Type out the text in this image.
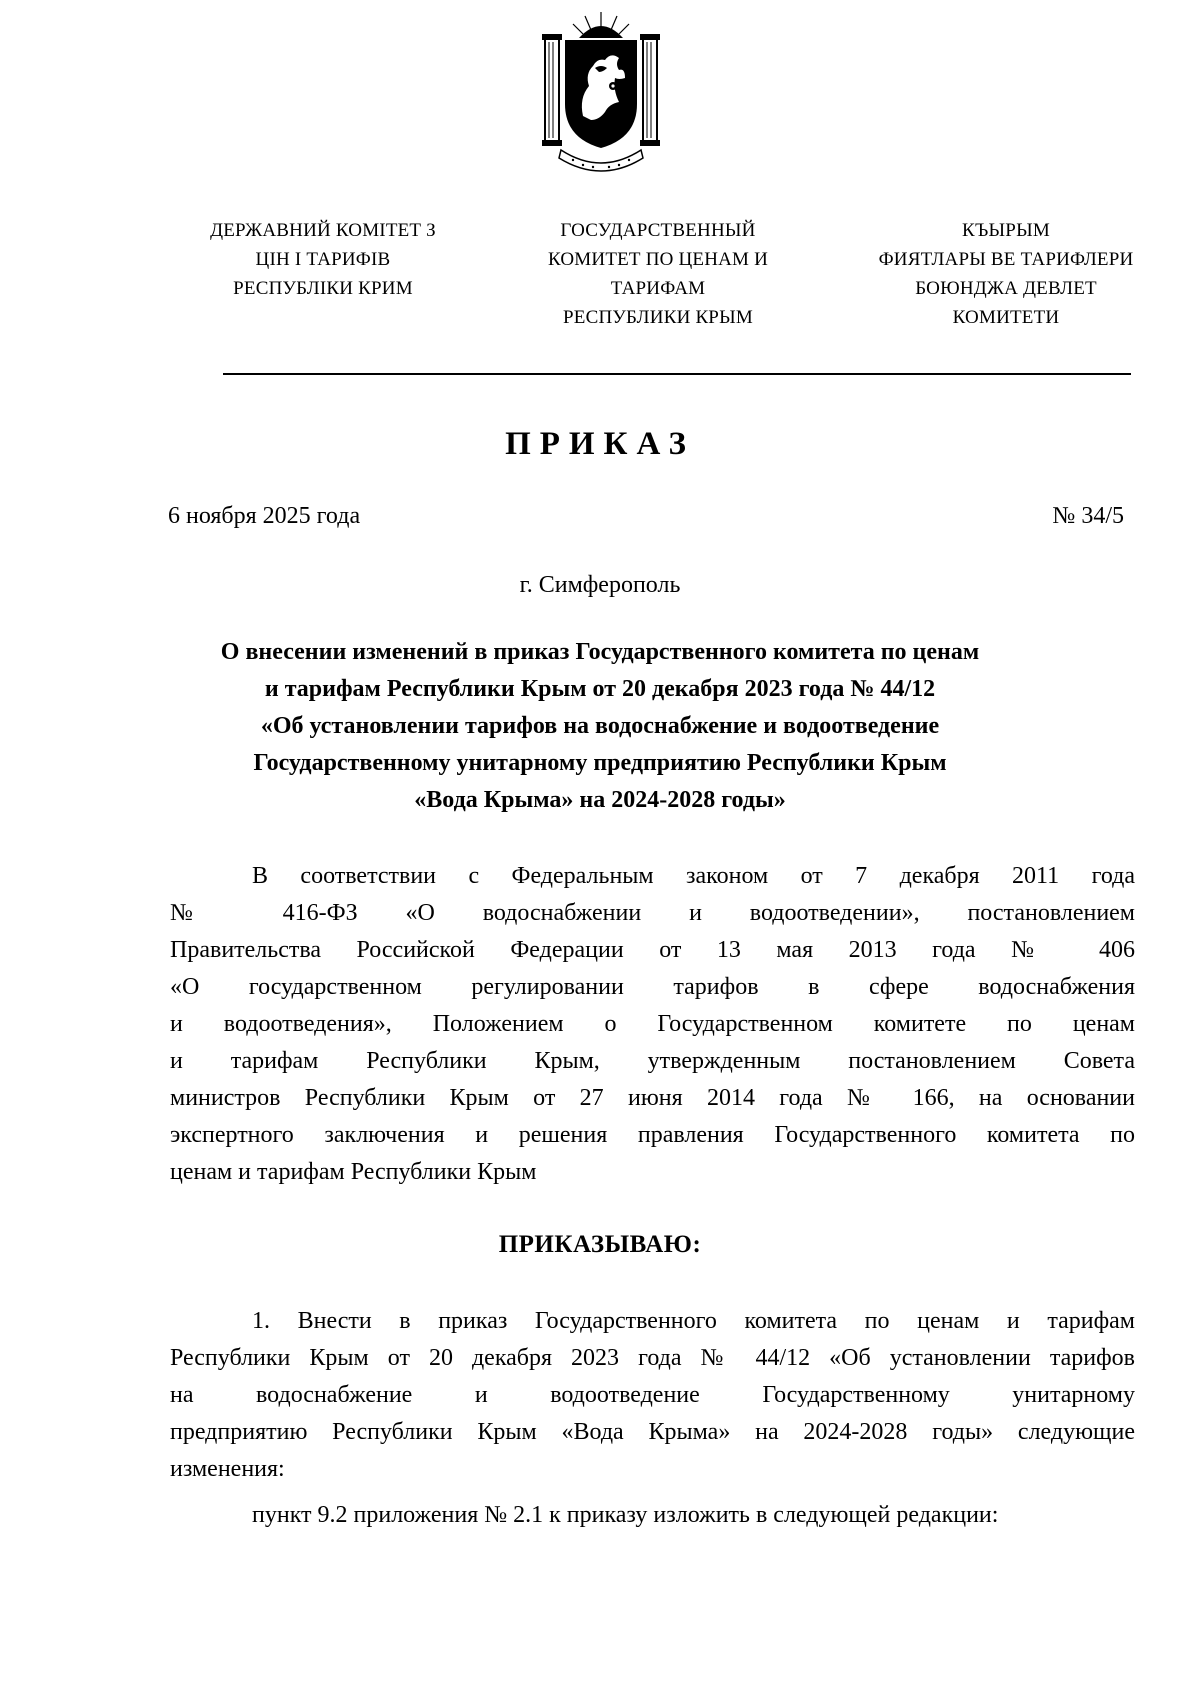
ДЕРЖАВНИЙ КОМІТЕТ З
ЦІН І ТАРИФІВ
РЕСПУБЛІКИ КРИМ
ГОСУДАРСТВЕННЫЙ
КОМИТЕТ ПО ЦЕНАМ И
ТАРИФАМ
РЕСПУБЛИКИ КРЫМ
КЪЫРЫМ
ФИЯТЛАРЫ ВЕ ТАРИФЛЕРИ
БОЮНДЖА ДЕВЛЕТ
КОМИТЕТИ
ПРИКАЗ
6 ноября 2025 года	№ 34/5
г. Симферополь
О внесении изменений в приказ Государственного комитета по ценам
и тарифам Республики Крым от 20 декабря 2023 года № 44/12
«Об установлении тарифов на водоснабжение и водоотведение
Государственному унитарному предприятию Республики Крым
«Вода Крыма» на 2024-2028 годы»
В соответствии с Федеральным законом от 7 декабря 2011 года
№ 416-ФЗ «О водоснабжении и водоотведении», постановлением
Правительства Российской Федерации от 13 мая 2013 года № 406
«О государственном регулировании тарифов в сфере водоснабжения
и водоотведения», Положением о Государственном комитете по ценам
и тарифам Республики Крым, утвержденным постановлением Совета
министров Республики Крым от 27 июня 2014 года № 166, на основании
экспертного заключения и решения правления Государственного комитета по
ценам и тарифам Республики Крым
ПРИКАЗЫВАЮ:
1. Внести в приказ Государственного комитета по ценам и тарифам
Республики Крым от 20 декабря 2023 года № 44/12 «Об установлении тарифов
на водоснабжение и водоотведение Государственному унитарному
предприятию Республики Крым «Вода Крыма» на 2024-2028 годы» следующие
изменения:
пункт 9.2 приложения № 2.1 к приказу изложить в следующей редакции:
